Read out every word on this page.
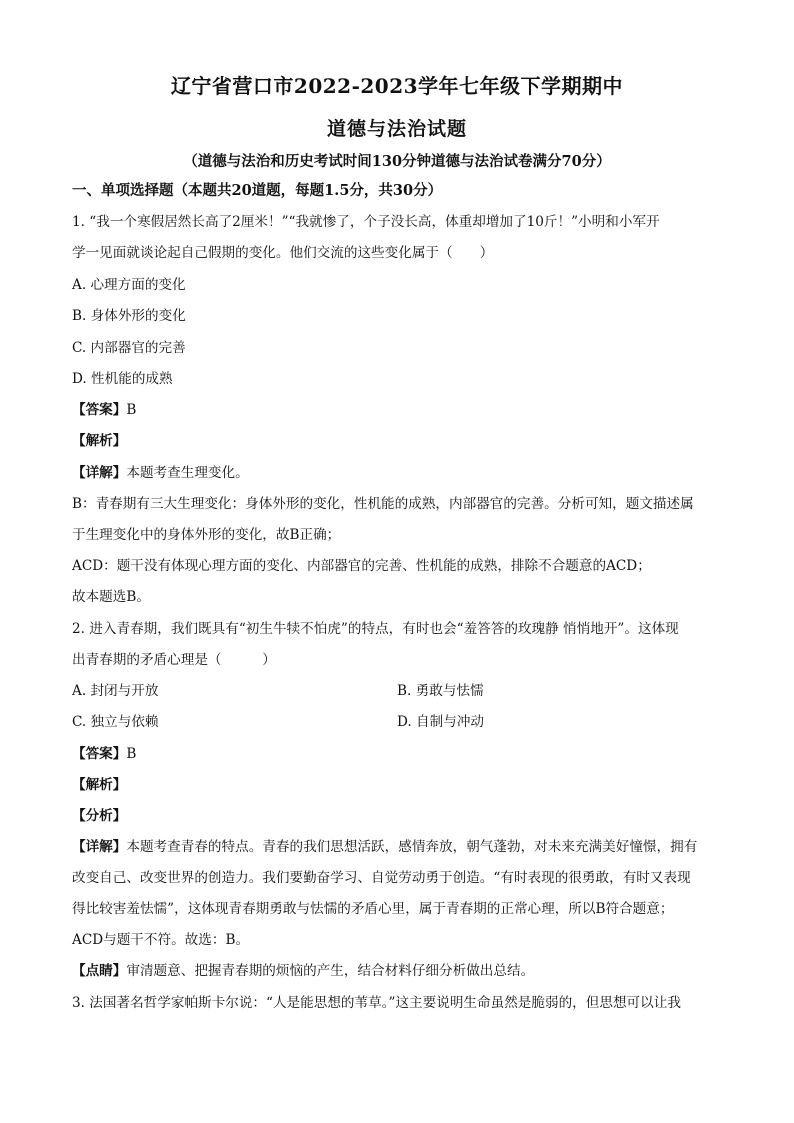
辽宁省营口市2022-2023学年七年级下学期期中
道德与法治试题
（道德与法治和历史考试时间130分钟道德与法治试卷满分70分）
一、单项选择题（本题共20道题，每题1.5分，共30分）
1. “我一个寒假居然长高了2厘米！”“我就惨了，个子没长高，体重却增加了10斤！”小明和小军开
学一见面就谈论起自己假期的变化。他们交流的这些变化属于（　　）
A. 心理方面的变化
B. 身体外形的变化
C. 内部器官的完善
D. 性机能的成熟
【答案】B
【解析】
【详解】本题考查生理变化。
B：青春期有三大生理变化：身体外形的变化，性机能的成熟，内部器官的完善。分析可知，题文描述属
于生理变化中的身体外形的变化，故B正确；
ACD：题干没有体现心理方面的变化、内部器官的完善、性机能的成熟，排除不合题意的ACD；
故本题选B。
2. 进入青春期，我们既具有“初生牛犊不怕虎”的特点，有时也会“羞答答的玫瑰静 悄悄地开”。这体现
出青春期的矛盾心理是（　　　）
A. 封闭与开放	B. 勇敢与怯懦
C. 独立与依赖	D. 自制与冲动
【答案】B
【解析】
【分析】
【详解】本题考查青春的特点。青春的我们思想活跃，感情奔放，朝气蓬勃，对未来充满美好憧憬，拥有
改变自己、改变世界的创造力。我们要勤奋学习、自觉劳动勇于创造。“有时表现的很勇敢，有时又表现
得比较害羞怯懦”，这体现青春期勇敢与怯懦的矛盾心里，属于青春期的正常心理，所以B符合题意；
ACD与题干不符。故选：B。
【点睛】审清题意、把握青春期的烦恼的产生，结合材料仔细分析做出总结。
3. 法国著名哲学家帕斯卡尔说：“人是能思想的苇草。”这主要说明生命虽然是脆弱的，但思想可以让我
